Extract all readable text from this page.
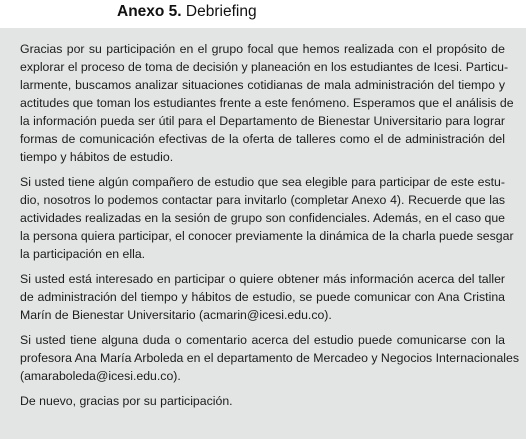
Anexo 5. Debriefing

Gracias por su participación en el grupo focal que hemos realizada con el propósito de
explorar el proceso de toma de decisión y planeación en los estudiantes de Icesi. Particu-
larmente, buscamos analizar situaciones cotidianas de mala administración del tiempo y
actitudes que toman los estudiantes frente a este fenómeno. Esperamos que el análisis de
la información pueda ser útil para el Departamento de Bienestar Universitario para lograr
formas de comunicación efectivas de la oferta de talleres como el de administración del
tiempo y hábitos de estudio.

Si usted tiene algún compañero de estudio que sea elegible para participar de este estu-
dio, nosotros lo podemos contactar para invitarlo (completar Anexo 4). Recuerde que las
actividades realizadas en la sesión de grupo son confidenciales. Además, en el caso que
la persona quiera participar, el conocer previamente la dinámica de la charla puede sesgar
la participación en ella.

Si usted está interesado en participar o quiere obtener más información acerca del taller
de administración del tiempo y hábitos de estudio, se puede comunicar con Ana Cristina
Marín de Bienestar Universitario (acmarin@icesi.edu.co).

Si usted tiene alguna duda o comentario acerca del estudio puede comunicarse con la
profesora Ana María Arboleda en el departamento de Mercadeo y Negocios Internacionales
(amaraboleda@icesi.edu.co).

De nuevo, gracias por su participación.
